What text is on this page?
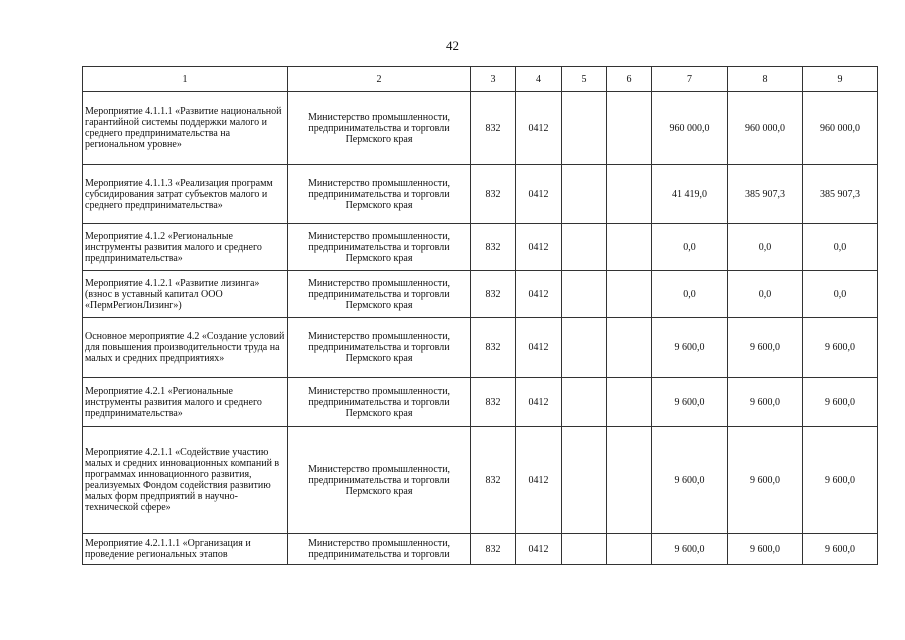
42
1	2	3	4	5	6	7	8	9
Мероприятие 4.1.1.1 «Развитие национальной гарантийной системы поддержки малого и среднего предпринимательства на региональном уровне»	Министерство промышленности, предпринимательства и торговли Пермского края	832	0412			960 000,0	960 000,0	960 000,0
Мероприятие 4.1.1.3 «Реализация программ субсидирования затрат субъектов малого и среднего предпринимательства»	Министерство промышленности, предпринимательства и торговли Пермского края	832	0412			41 419,0	385 907,3	385 907,3
Мероприятие 4.1.2 «Региональные инструменты развития малого и среднего предпринимательства»	Министерство промышленности, предпринимательства и торговли Пермского края	832	0412			0,0	0,0	0,0
Мероприятие 4.1.2.1 «Развитие лизинга» (взнос в уставный капитал ООО «ПермРегионЛизинг»)	Министерство промышленности, предпринимательства и торговли Пермского края	832	0412			0,0	0,0	0,0
Основное мероприятие 4.2 «Создание условий для повышения производительности труда на малых и средних предприятиях»	Министерство промышленности, предпринимательства и торговли Пермского края	832	0412			9 600,0	9 600,0	9 600,0
Мероприятие 4.2.1 «Региональные инструменты развития малого и среднего предпринимательства»	Министерство промышленности, предпринимательства и торговли Пермского края	832	0412			9 600,0	9 600,0	9 600,0
Мероприятие 4.2.1.1 «Содействие участию малых и средних инновационных компаний в программах инновационного развития, реализуемых Фондом содействия развитию малых форм предприятий в научно-технической сфере»	Министерство промышленности, предпринимательства и торговли Пермского края	832	0412			9 600,0	9 600,0	9 600,0
Мероприятие 4.2.1.1.1 «Организация и проведение региональных этапов	Министерство промышленности, предпринимательства и торговли	832	0412			9 600,0	9 600,0	9 600,0
